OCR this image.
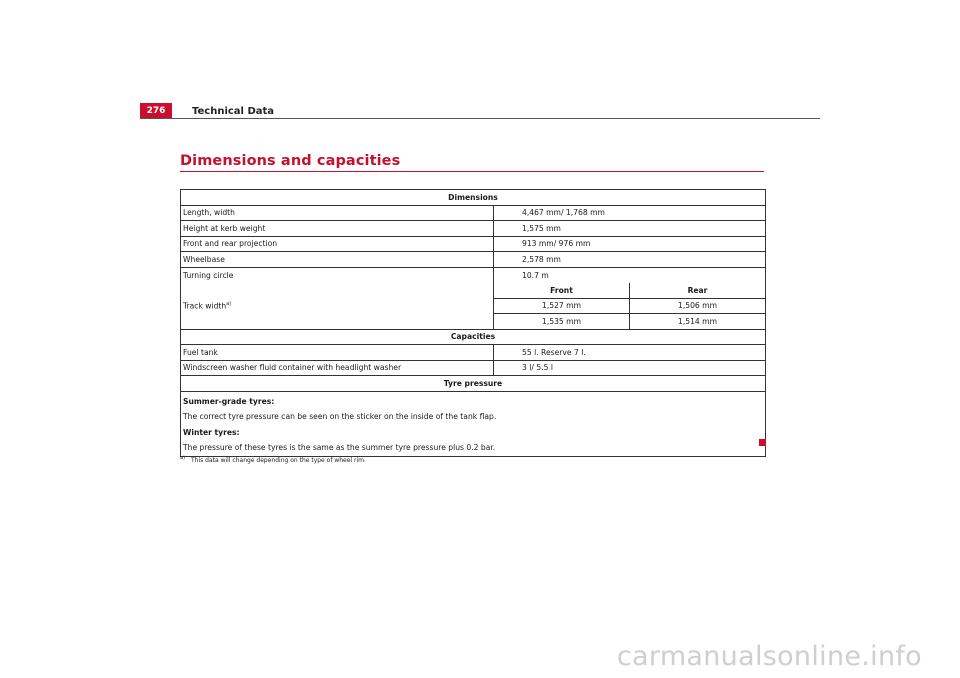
276	Technical Data
Dimensions and capacities
Dimensions		
Length, width	4,467 mm/ 1,768 mm	
Height at kerb weight	1,575 mm	
Front and rear projection	913 mm/ 976 mm	
Wheelbase	2,578 mm	
Turning circle	10.7 m	
Track width$^{a)}$	Front	Rear
	1,527 mm	1,506 mm
	1,535 mm	1,514 mm
Capacities		
Fuel tank	55 l. Reserve 7 l.	
Windscreen washer fluid container with headlight washer	3 l/ 5.5 l	
Tyre pressure		

Summer-grade tyres:
The correct tyre pressure can be seen on the sticker on the inside of the tank flap.
Winter tyres:
The pressure of these tyres is the same as the summer tyre pressure plus 0.2 bar.		
$^{a)}$ This data will change depending on the type of wheel rim.
carmanualsonline.info
